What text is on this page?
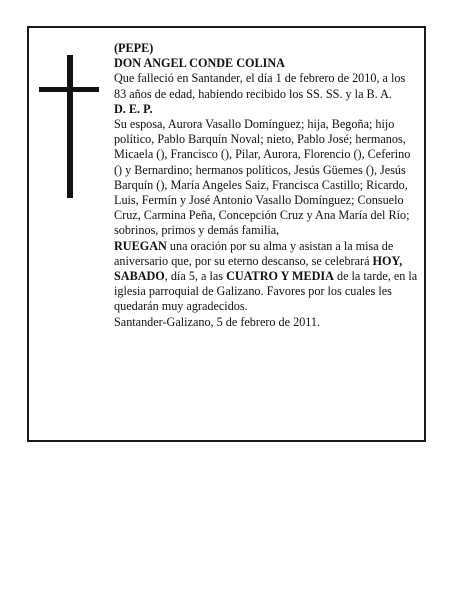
(PEPE)

DON ANGEL CONDE COLINA

Que falleció en Santander, el día 1 de febrero de 2010, a los 83 años de edad, habiendo recibido los SS. SS. y la B. A.

D. E. P.

Su esposa, Aurora Vasallo Domínguez; hija, Begoña; hijo político, Pablo Barquín Noval; nieto, Pablo José; hermanos, Micaela (), Francisco (), Pilar, Aurora, Florencio (), Ceferino () y Bernardino; hermanos políticos, Jesús Güemes (), Jesús Barquín (), María Angeles Saiz, Francisca Castillo; Ricardo, Luis, Fermín y José Antonio Vasallo Domínguez; Consuelo Cruz, Carmina Peña, Concepción Cruz y Ana María del Río; sobrinos, primos y demás familia,

RUEGAN una oración por su alma y asistan a la misa de aniversario que, por su eterno descanso, se celebrará HOY, SABADO, día 5, a las CUATRO Y MEDIA de la tarde, en la iglesia parroquial de Galizano. Favores por los cuales les quedarán muy agradecidos.

Santander-Galizano, 5 de febrero de 2011.
